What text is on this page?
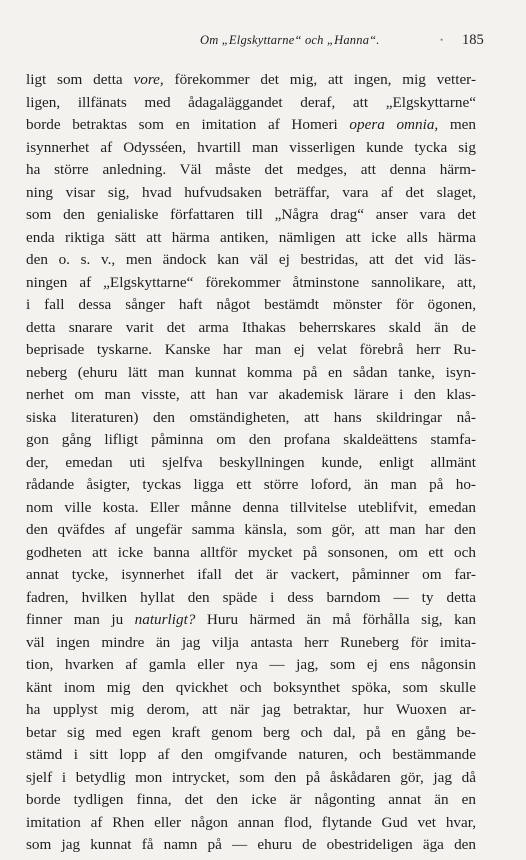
Om „Elgskyttarne“ och „Hanna“.	• 185
ligt som detta vore, förekommer det mig, att ingen, mig vetter-
ligen, illfänats med ådagaläggandet deraf, att „Elgskyttarne“
borde betraktas som en imitation af Homeri opera omnia, men
isynnerhet af Odysséen, hvartill man visserligen kunde tycka sig
ha större anledning. Väl måste det medges, att denna härm-
ning visar sig, hvad hufvudsaken beträffar, vara af det slaget,
som den genialiske författaren till „Några drag“ anser vara det
enda riktiga sätt att härma antiken, nämligen att icke alls härma
den o. s. v., men ändock kan väl ej bestridas, att det vid läs-
ningen af „Elgskyttarne“ förekommer åtminstone sannolikare, att,
i fall dessa sånger haft något bestämdt mönster för ögonen,
detta snarare varit det arma Ithakas beherrskares skald än de
beprisade tyskarne. Kanske har man ej velat förebrå herr Ru-
neberg (ehuru lätt man kunnat komma på en sådan tanke, isyn-
nerhet om man visste, att han var akademisk lärare i den klas-
siska literaturen) den omständigheten, att hans skildringar nå-
gon gång lifligt påminna om den profana skaldeättens stamfa-
der, emedan uti sjelfva beskyllningen kunde, enligt allmänt
rådande åsigter, tyckas ligga ett större loford, än man på ho-
nom ville kosta. Eller månne denna tillvitelse uteblifvit, emedan
den qväfdes af ungefär samma känsla, som gör, att man har den
godheten att icke banna alltför mycket på sonsonen, om ett och
annat tycke, isynnerhet ifall det är vackert, påminner om far-
fadren, hvilken hyllat den späde i dess barndom — ty detta
finner man ju naturligt? Huru härmed än må förhålla sig, kan
väl ingen mindre än jag vilja antasta herr Runeberg för imita-
tion, hvarken af gamla eller nya — jag, som ej ens någonsin
känt inom mig den qvickhet och boksynthet spöka, som skulle
ha upplyst mig derom, att när jag betraktar, hur Wuoxen ar-
betar sig med egen kraft genom berg och dal, på en gång be-
stämd i sitt lopp af den omgifvande naturen, och bestämmande
sjelf i betydlig mon intrycket, som den på åskådaren gör, jag då
borde tydligen finna, det den icke är någonting annat än en
imitation af Rhen eller någon annan flod, flytande Gud vet hvar,
som jag kunnat få namn på — ehuru de obestrideligen äga den
